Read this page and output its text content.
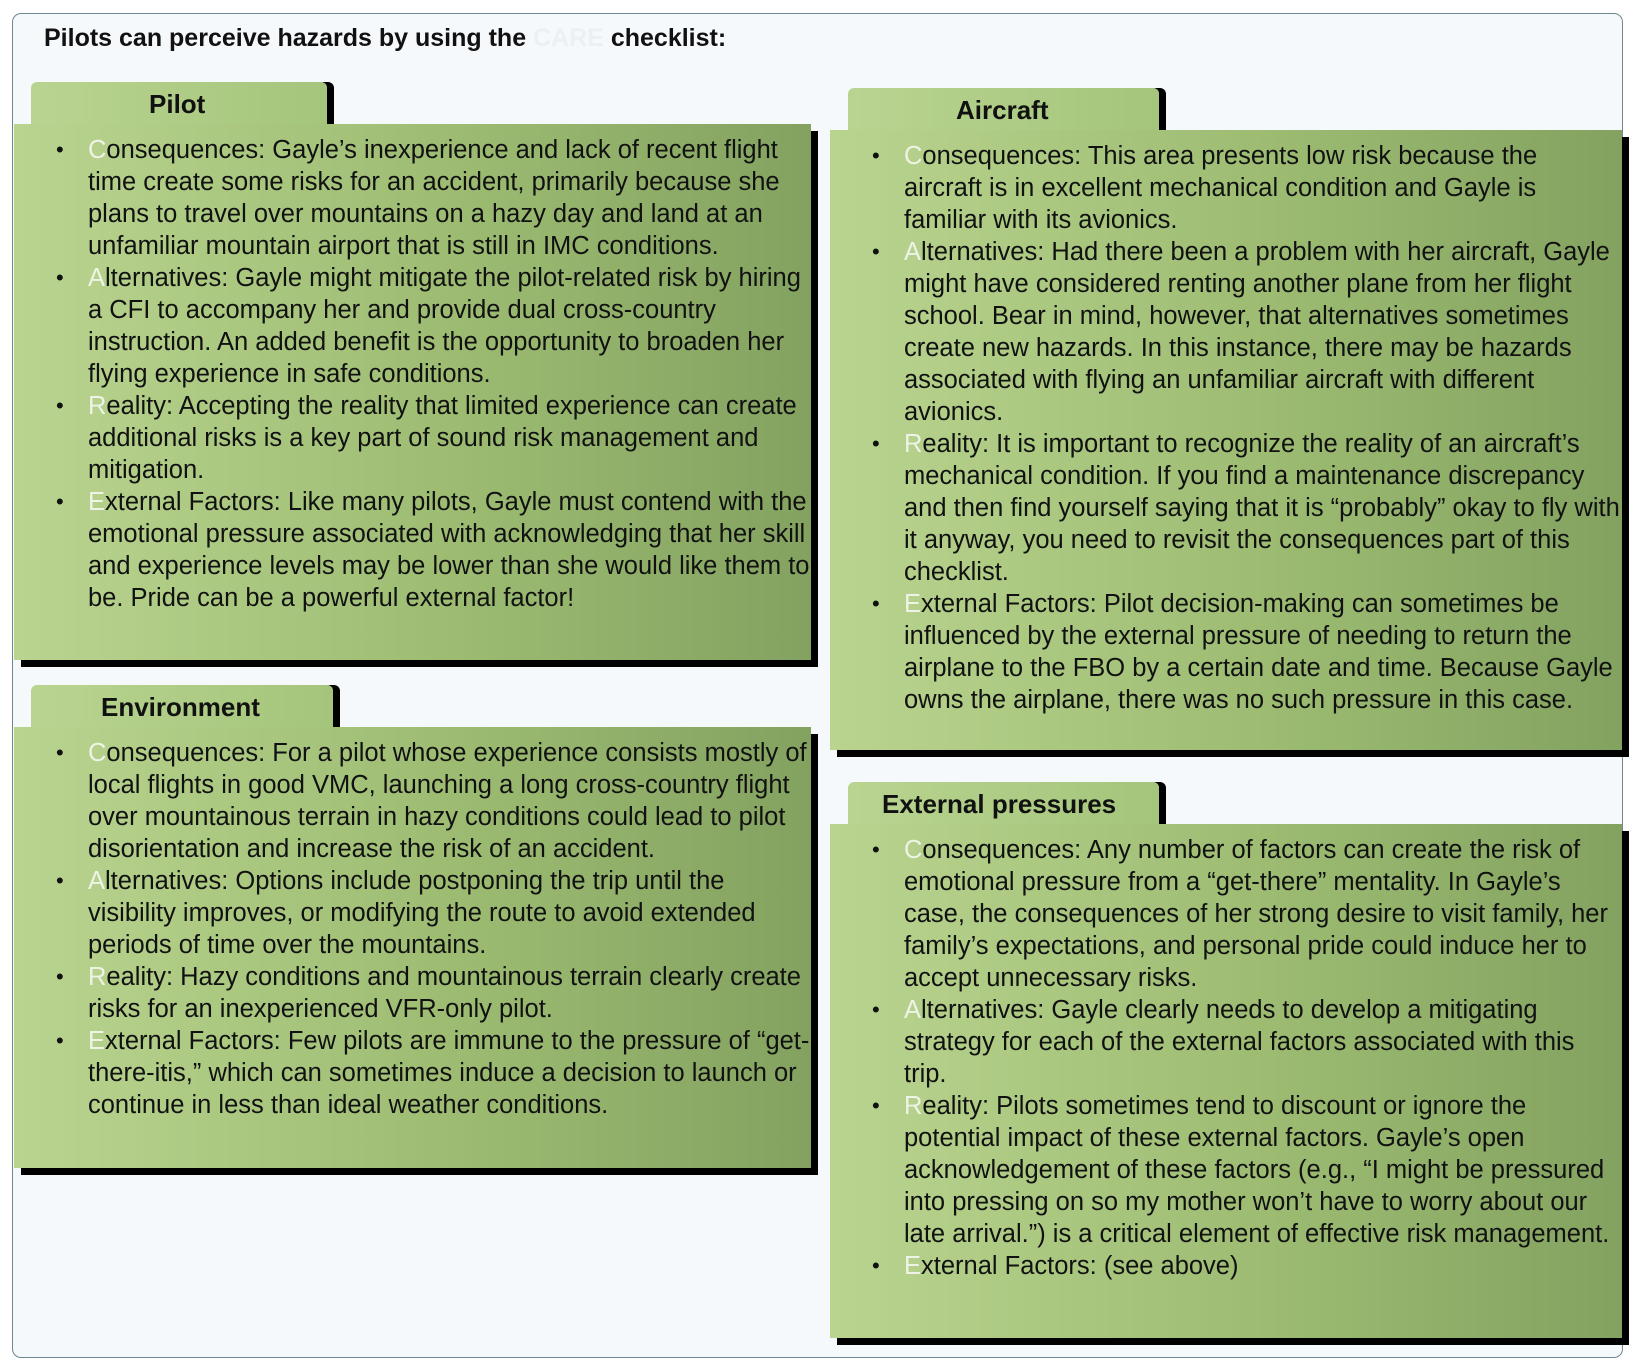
Pilots can perceive hazards by using the CARE checklist:
Pilot
• Consequences: Gayle’s inexperience and lack of recent flight time create some risks for an accident, primarily because she plans to travel over mountains on a hazy day and land at an unfamiliar mountain airport that is still in IMC conditions.
• Alternatives: Gayle might mitigate the pilot-related risk by hiring a CFI to accompany her and provide dual cross-country instruction. An added benefit is the opportunity to broaden her flying experience in safe conditions.
• Reality: Accepting the reality that limited experience can create additional risks is a key part of sound risk management and mitigation.
• External Factors: Like many pilots, Gayle must contend with the emotional pressure associated with acknowledging that her skill and experience levels may be lower than she would like them to be. Pride can be a powerful external factor!
Aircraft
• Consequences: This area presents low risk because the aircraft is in excellent mechanical condition and Gayle is familiar with its avionics.
• Alternatives: Had there been a problem with her aircraft, Gayle might have considered renting another plane from her flight school. Bear in mind, however, that alternatives sometimes create new hazards. In this instance, there may be hazards associated with flying an unfamiliar aircraft with different avionics.
• Reality: It is important to recognize the reality of an aircraft’s mechanical condition. If you find a maintenance discrepancy and then find yourself saying that it is “probably” okay to fly with it anyway, you need to revisit the consequences part of this checklist.
• External Factors: Pilot decision-making can sometimes be influenced by the external pressure of needing to return the airplane to the FBO by a certain date and time. Because Gayle owns the airplane, there was no such pressure in this case.
Environment
• Consequences: For a pilot whose experience consists mostly of local flights in good VMC, launching a long cross-country flight over mountainous terrain in hazy conditions could lead to pilot disorientation and increase the risk of an accident.
• Alternatives: Options include postponing the trip until the visibility improves, or modifying the route to avoid extended periods of time over the mountains.
• Reality: Hazy conditions and mountainous terrain clearly create risks for an inexperienced VFR-only pilot.
• External Factors: Few pilots are immune to the pressure of “get-there-itis,” which can sometimes induce a decision to launch or continue in less than ideal weather conditions.
External pressures
• Consequences: Any number of factors can create the risk of emotional pressure from a “get-there” mentality. In Gayle’s case, the consequences of her strong desire to visit family, her family’s expectations, and personal pride could induce her to accept unnecessary risks.
• Alternatives: Gayle clearly needs to develop a mitigating strategy for each of the external factors associated with this trip.
• Reality: Pilots sometimes tend to discount or ignore the potential impact of these external factors. Gayle’s open acknowledgement of these factors (e.g., “I might be pressured into pressing on so my mother won’t have to worry about our late arrival.”) is a critical element of effective risk management.
• External Factors: (see above)
